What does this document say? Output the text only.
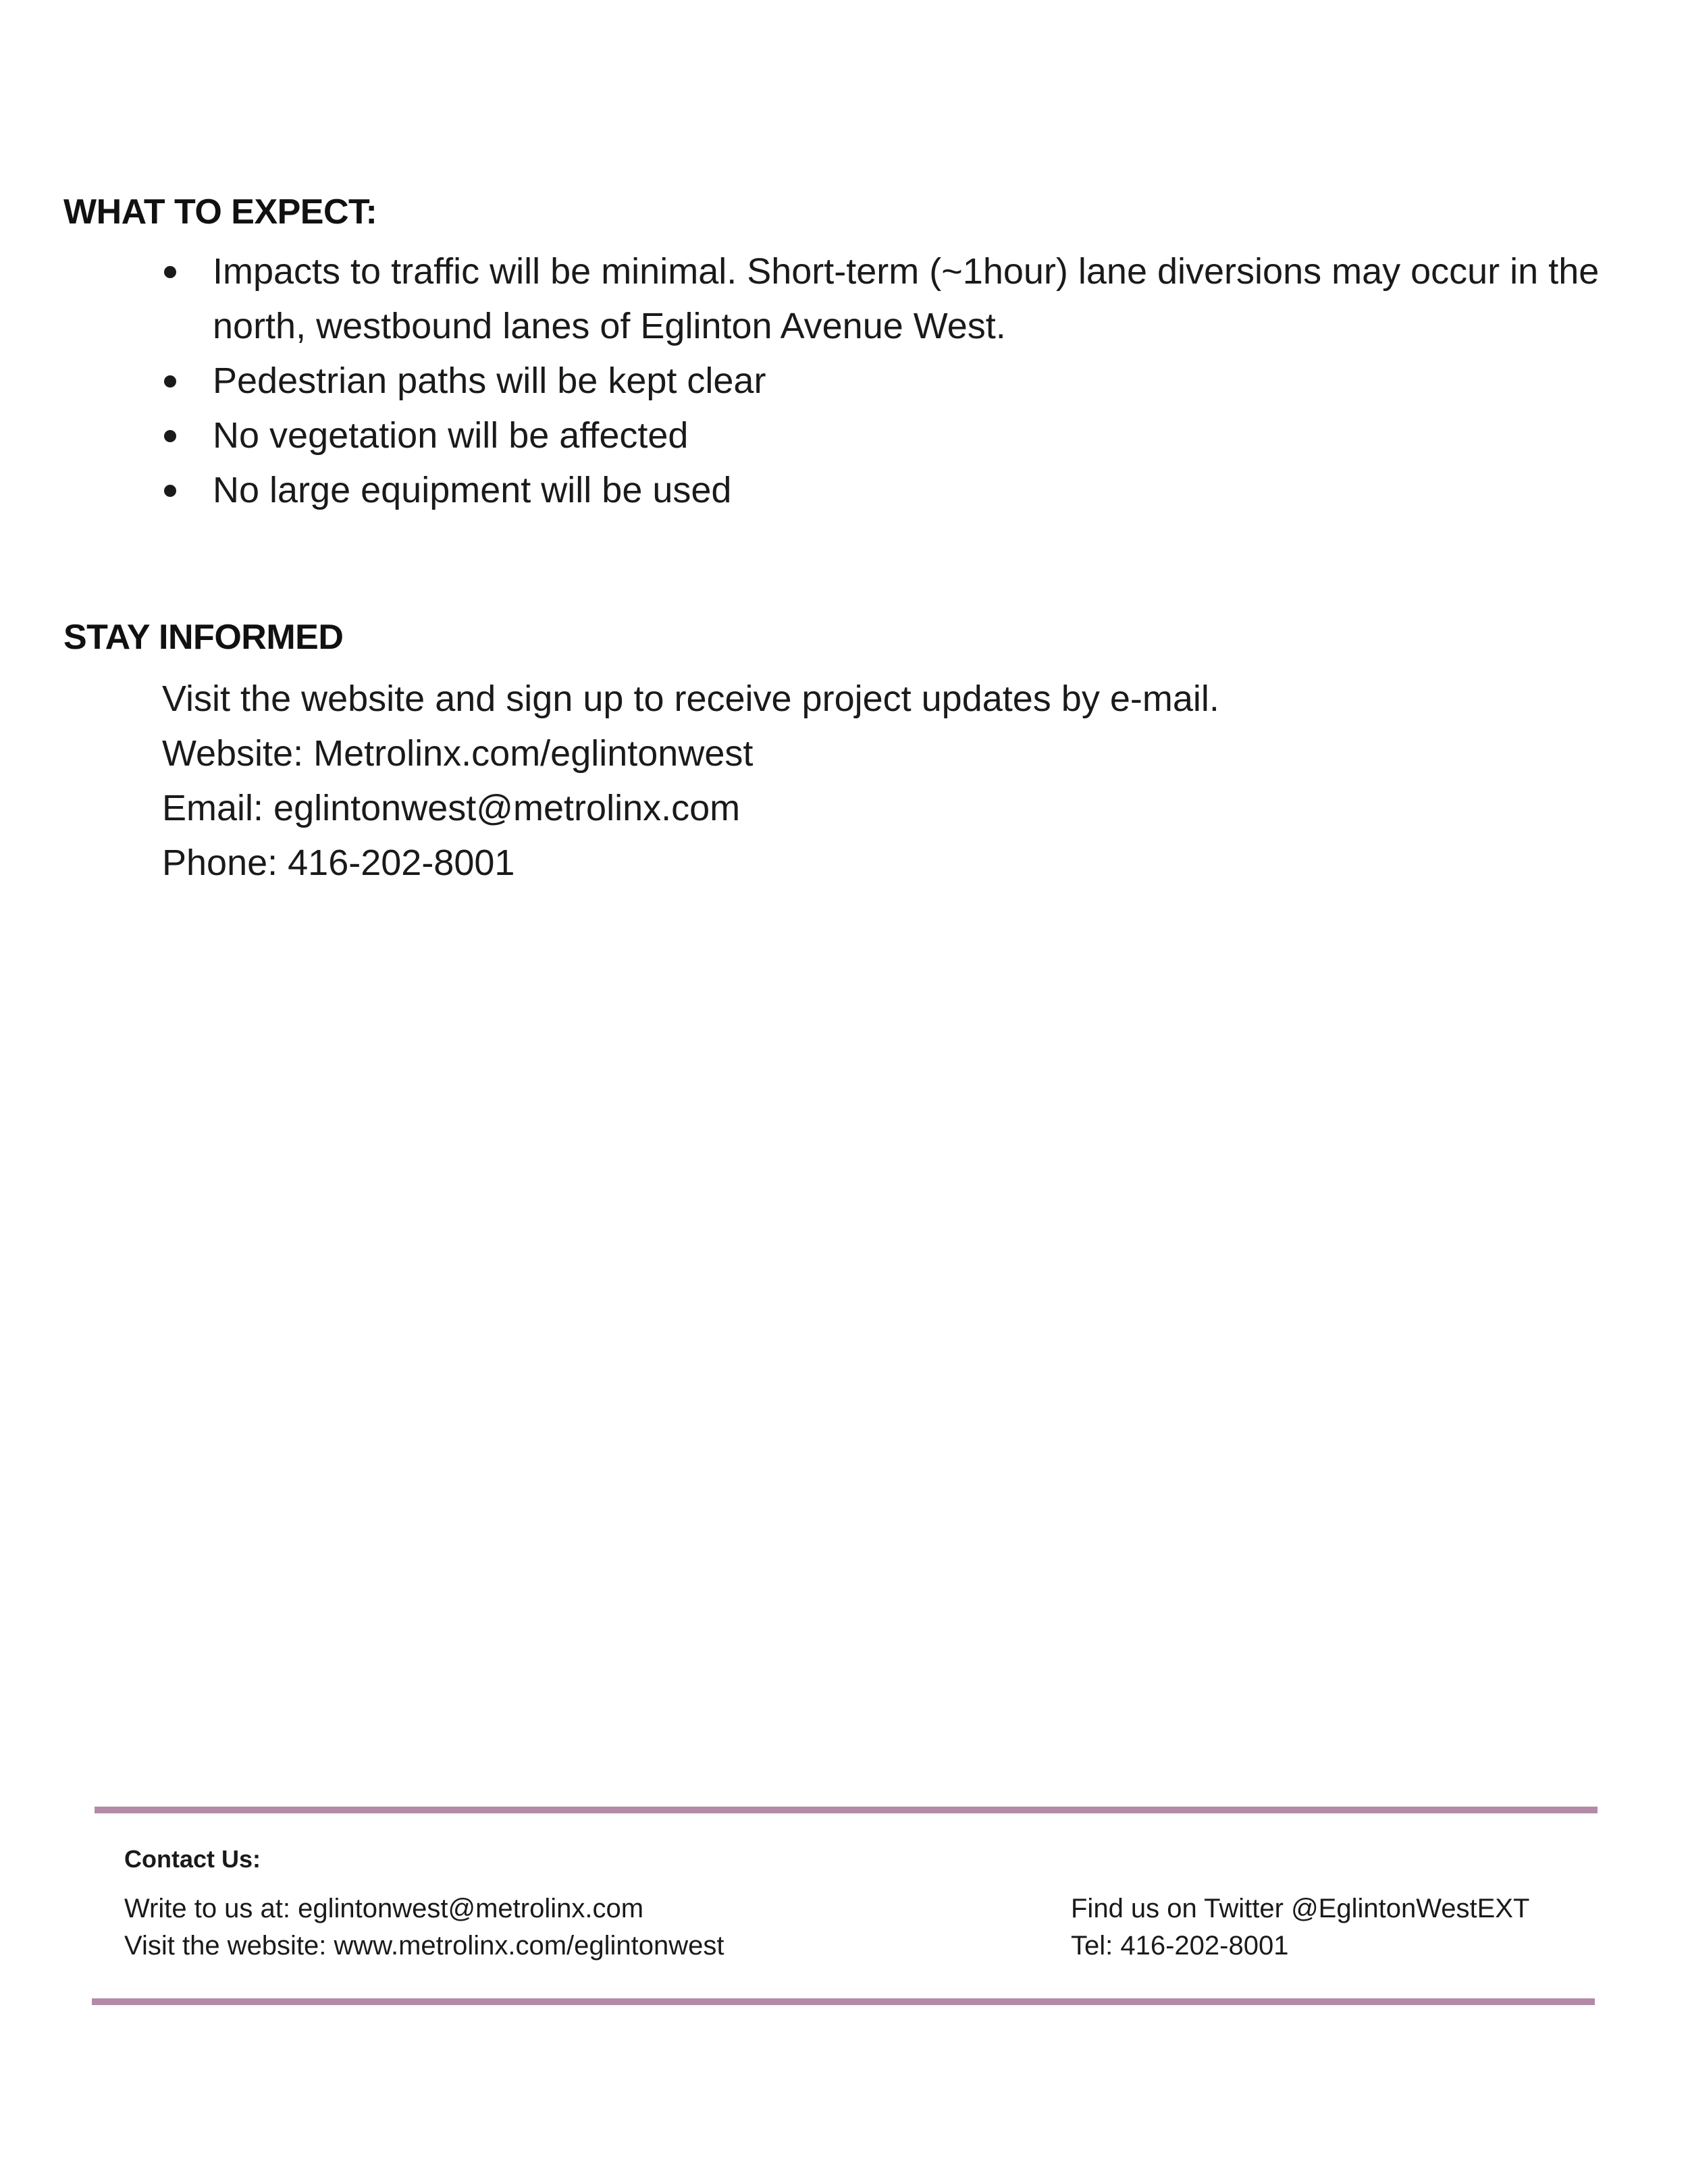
WHAT TO EXPECT:
Impacts to traffic will be minimal. Short-term (~1hour) lane diversions may occur in the north, westbound lanes of Eglinton Avenue West.
Pedestrian paths will be kept clear
No vegetation will be affected
No large equipment will be used
STAY INFORMED
Visit the website and sign up to receive project updates by e-mail.
Website: Metrolinx.com/eglintonwest
Email: eglintonwest@metrolinx.com
Phone: 416-202-8001
Contact Us:
Write to us at: eglintonwest@metrolinx.com
Visit the website: www.metrolinx.com/eglintonwest
Find us on Twitter @EglintonWestEXT
Tel: 416-202-8001
